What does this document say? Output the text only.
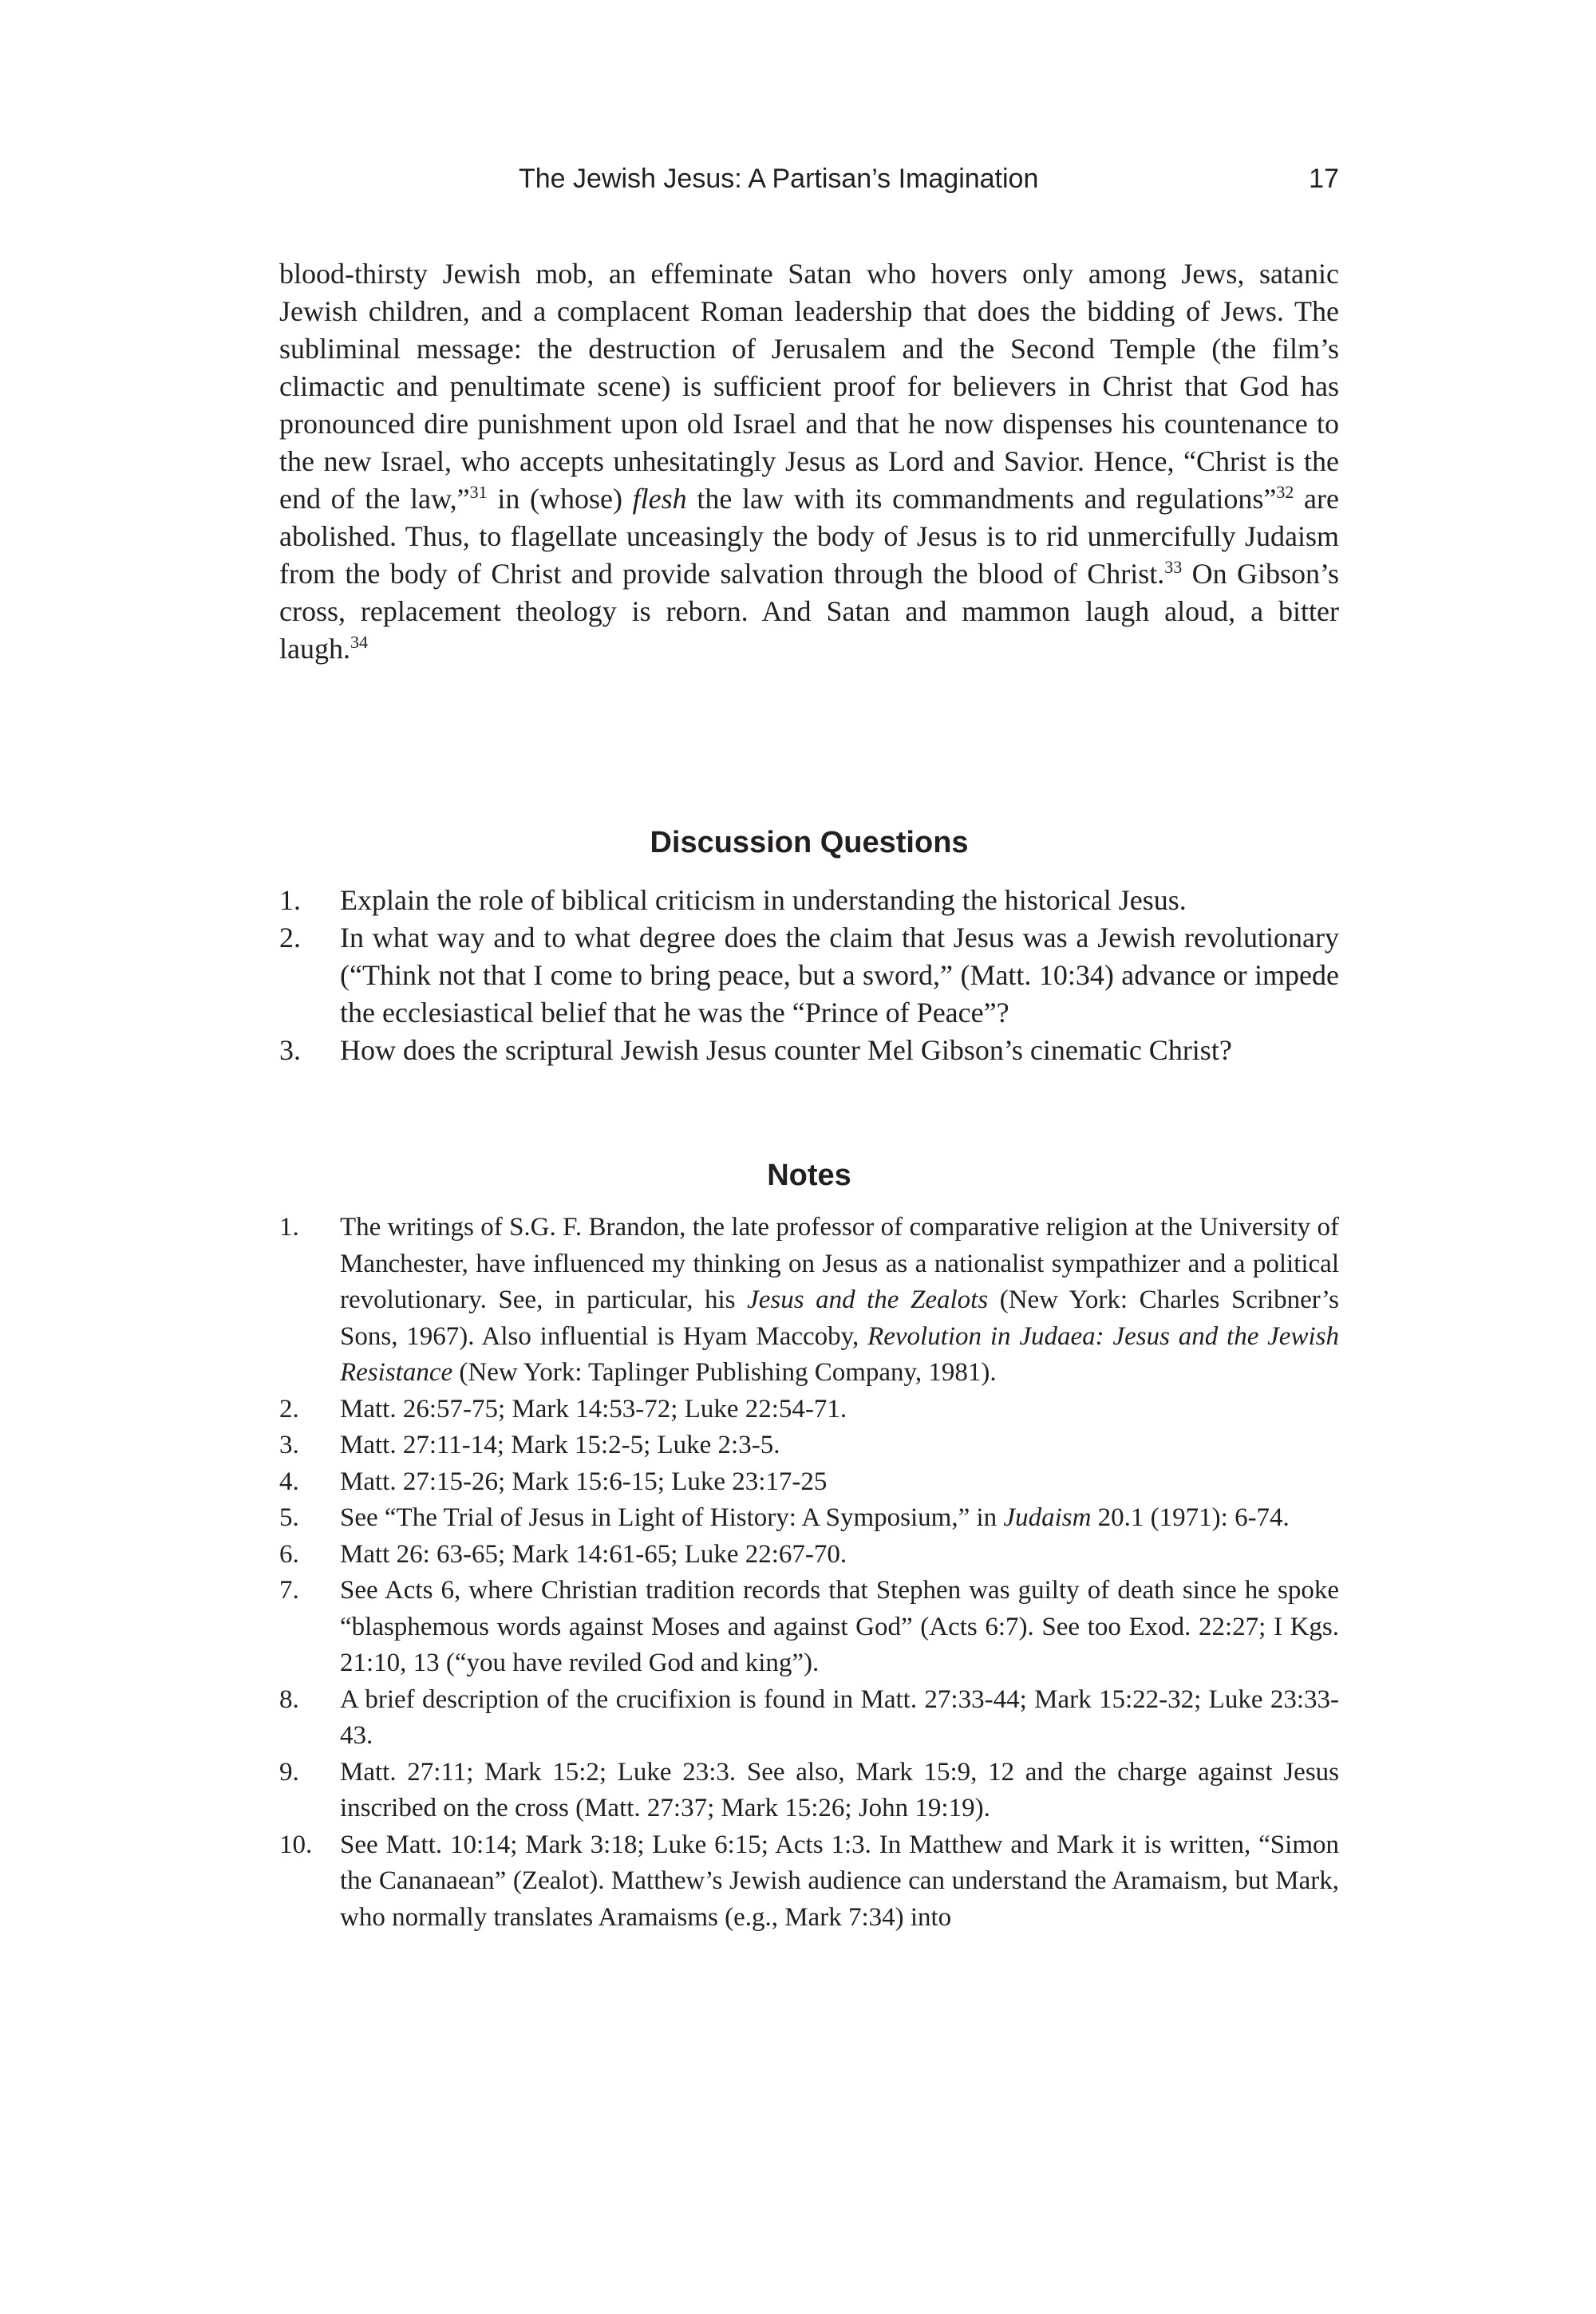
The Jewish Jesus: A Partisan’s Imagination	17

blood-thirsty Jewish mob, an effeminate Satan who hovers only among Jews, satanic Jewish children, and a complacent Roman leadership that does the bidding of Jews. The subliminal message: the destruction of Jerusalem and the Second Temple (the film’s climactic and penultimate scene) is sufficient proof for believers in Christ that God has pronounced dire punishment upon old Israel and that he now dispenses his countenance to the new Israel, who accepts unhesitatingly Jesus as Lord and Savior. Hence, “Christ is the end of the law,”$^{31}$ in (whose) flesh the law with its commandments and regulations”$^{32}$ are abolished. Thus, to flagellate unceasingly the body of Jesus is to rid unmercifully Judaism from the body of Christ and provide salvation through the blood of Christ.$^{33}$ On Gibson’s cross, replacement theology is reborn. And Satan and mammon laugh aloud, a bitter laugh.$^{34}$

Discussion Questions
1. Explain the role of biblical criticism in understanding the historical Jesus.
2. In what way and to what degree does the claim that Jesus was a Jewish revolutionary (“Think not that I come to bring peace, but a sword,” (Matt. 10:34) advance or impede the ecclesiastical belief that he was the “Prince of Peace”?
3. How does the scriptural Jewish Jesus counter Mel Gibson’s cinematic Christ?
Notes
1. The writings of S.G. F. Brandon, the late professor of comparative religion at the University of Manchester, have influenced my thinking on Jesus as a nationalist sympathizer and a political revolutionary. See, in particular, his Jesus and the Zealots (New York: Charles Scribner’s Sons, 1967). Also influential is Hyam Maccoby, Revolution in Judaea: Jesus and the Jewish Resistance (New York: Taplinger Publishing Company, 1981).
2. Matt. 26:57-75; Mark 14:53-72; Luke 22:54-71.
3. Matt. 27:11-14; Mark 15:2-5; Luke 2:3-5.
4. Matt. 27:15-26; Mark 15:6-15; Luke 23:17-25
5. See “The Trial of Jesus in Light of History: A Symposium,” in Judaism 20.1 (1971): 6-74.
6. Matt 26: 63-65; Mark 14:61-65; Luke 22:67-70.
7. See Acts 6, where Christian tradition records that Stephen was guilty of death since he spoke “blasphemous words against Moses and against God” (Acts 6:7). See too Exod. 22:27; I Kgs. 21:10, 13 (“you have reviled God and king”).
8. A brief description of the crucifixion is found in Matt. 27:33-44; Mark 15:22-32; Luke 23:33-43.
9. Matt. 27:11; Mark 15:2; Luke 23:3. See also, Mark 15:9, 12 and the charge against Jesus inscribed on the cross (Matt. 27:37; Mark 15:26; John 19:19).
10. See Matt. 10:14; Mark 3:18; Luke 6:15; Acts 1:3. In Matthew and Mark it is written, “Simon the Cananaean” (Zealot). Matthew’s Jewish audience can understand the Aramaism, but Mark, who normally translates Aramaisms (e.g., Mark 7:34) into
